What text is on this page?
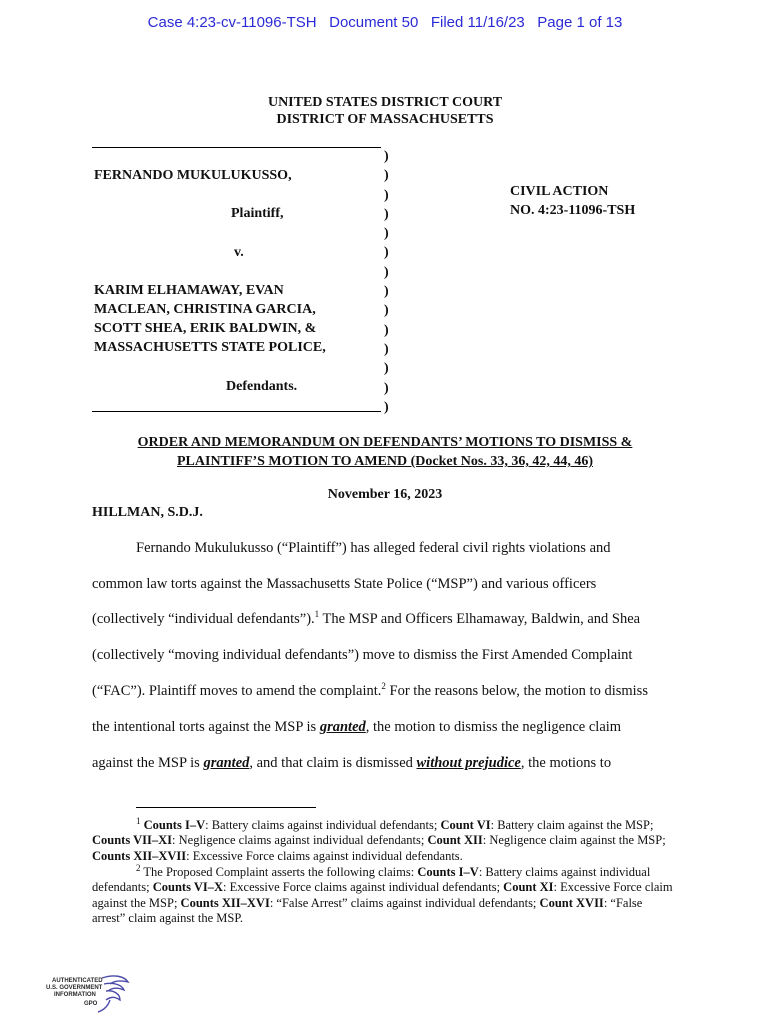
Case 4:23-cv-11096-TSH   Document 50   Filed 11/16/23   Page 1 of 13
UNITED STATES DISTRICT COURT
DISTRICT OF MASSACHUSETTS
)
)
)
)
)
)
)
)
)
)
)
)
)
)
FERNANDO MUKULUKUSSO,
Plaintiff,
v.
KARIM ELHAMAWAY, EVAN
MACLEAN, CHRISTINA GARCIA,
SCOTT SHEA, ERIK BALDWIN, &
MASSACHUSETTS STATE POLICE,
Defendants.
CIVIL ACTION
NO. 4:23-11096-TSH
ORDER AND MEMORANDUM ON DEFENDANTS’ MOTIONS TO DISMISS &
PLAINTIFF’S MOTION TO AMEND (Docket Nos. 33, 36, 42, 44, 46)
November 16, 2023
HILLMAN, S.D.J.
Fernando Mukulukusso (“Plaintiff”) has alleged federal civil rights violations and
common law torts against the Massachusetts State Police (“MSP”) and various officers
(collectively “individual defendants”).$^1$ The MSP and Officers Elhamaway, Baldwin, and Shea
(collectively “moving individual defendants”) move to dismiss the First Amended Complaint
(“FAC”). Plaintiff moves to amend the complaint.$^2$ For the reasons below, the motion to dismiss
the intentional torts against the MSP is granted, the motion to dismiss the negligence claim
against the MSP is granted, and that claim is dismissed without prejudice, the motions to

$^1$ Counts I–V: Battery claims against individual defendants; Count VI: Battery claim against the MSP; Counts VII–XI: Negligence claims against individual defendants; Count XII: Negligence claim against the MSP; Counts XII–XVII: Excessive Force claims against individual defendants.

$^2$ The Proposed Complaint asserts the following claims: Counts I–V: Battery claims against individual defendants; Counts VI–X: Excessive Force claims against individual defendants; Count XI: Excessive Force claim against the MSP; Counts XII–XVI: “False Arrest” claims against individual defendants; Count XVII: “False arrest” claim against the MSP.

AUTHENTICATED
U.S. GOVERNMENT
INFORMATION
GPO
